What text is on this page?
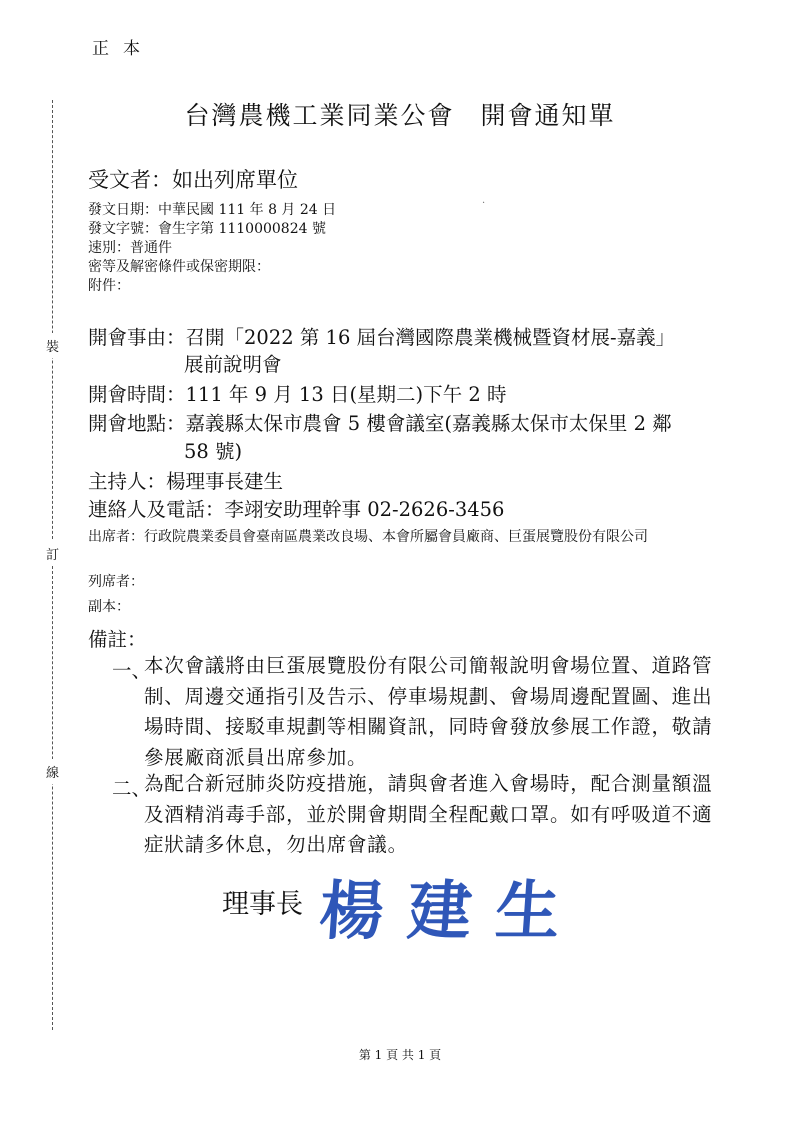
正本
台灣農機工業同業公會 開會通知單
裝
訂
線
受文者：如出列席單位
發文日期：中華民國 111 年 8 月 24 日	·
發文字號：會生字第 1110000824 號
速別：普通件
密等及解密條件或保密期限：
附件：
開會事由：召開「2022 第 16 屆台灣國際農業機械暨資材展-嘉義」
展前說明會
開會時間：111 年 9 月 13 日(星期二)下午 2 時
開會地點：嘉義縣太保市農會 5 樓會議室(嘉義縣太保市太保里 2 鄰
58 號)
主持人：楊理事長建生
連絡人及電話：李翊安助理幹事 02-2626-3456
出席者：行政院農業委員會臺南區農業改良場、本會所屬會員廠商、巨蛋展覽股份有限公司
列席者：
副本：
備註：
一、
本次會議將由巨蛋展覽股份有限公司簡報說明會場位置、道路管制、周邊交通指引及告示、停車場規劃、會場周邊配置圖、進出場時間、接駁車規劃等相關資訊，同時會發放參展工作證，敬請參展廠商派員出席參加。
二、
為配合新冠肺炎防疫措施，請與會者進入會場時，配合測量額溫及酒精消毒手部，並於開會期間全程配戴口罩。如有呼吸道不適症狀請多休息，勿出席會議。
理事長 楊建生
第 1 頁 共 1 頁
